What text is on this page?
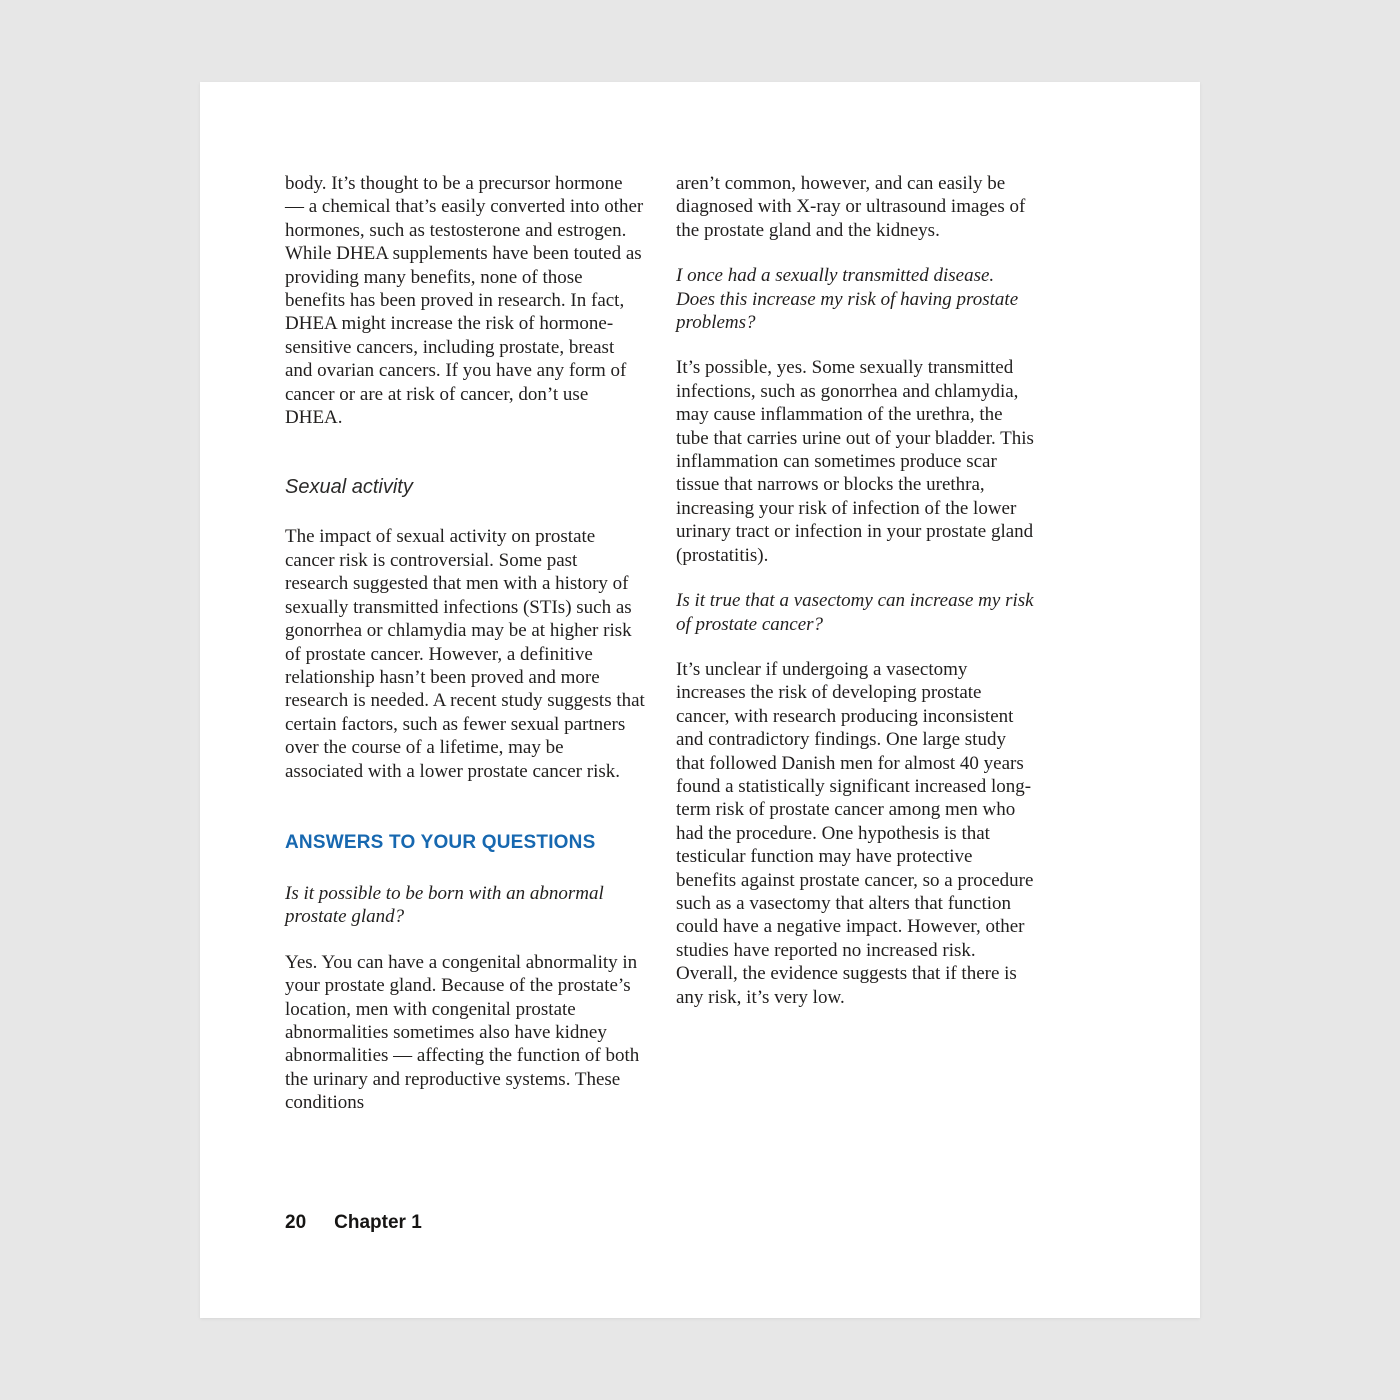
body. It’s thought to be a precursor hormone — a chemical that’s easily converted into other hormones, such as testosterone and estrogen. While DHEA supplements have been touted as providing many benefits, none of those benefits has been proved in research. In fact, DHEA might increase the risk of hormone-sensitive cancers, including prostate, breast and ovarian cancers. If you have any form of cancer or are at risk of cancer, don’t use DHEA.

Sexual activity

The impact of sexual activity on prostate cancer risk is controversial. Some past research suggested that men with a history of sexually transmitted infections (STIs) such as gonorrhea or chlamydia may be at higher risk of prostate cancer. However, a definitive relationship hasn’t been proved and more research is needed. A recent study suggests that certain factors, such as fewer sexual partners over the course of a lifetime, may be associated with a lower prostate cancer risk.

ANSWERS TO YOUR QUESTIONS

Is it possible to be born with an abnormal prostate gland?

Yes. You can have a congenital abnormality in your prostate gland. Because of the prostate’s location, men with congenital prostate abnormalities sometimes also have kidney abnormalities — affecting the function of both the urinary and reproductive systems. These conditions

aren’t common, however, and can easily be diagnosed with X-ray or ultrasound images of the prostate gland and the kidneys.

I once had a sexually transmitted disease. Does this increase my risk of having prostate problems?

It’s possible, yes. Some sexually transmitted infections, such as gonorrhea and chlamydia, may cause inflammation of the urethra, the tube that carries urine out of your bladder. This inflammation can sometimes produce scar tissue that narrows or blocks the urethra, increasing your risk of infection of the lower urinary tract or infection in your prostate gland (prostatitis).

Is it true that a vasectomy can increase my risk of prostate cancer?

It’s unclear if undergoing a vasectomy increases the risk of developing prostate cancer, with research producing inconsistent and contradictory findings. One large study that followed Danish men for almost 40 years found a statistically significant increased long-term risk of prostate cancer among men who had the procedure. One hypothesis is that testicular function may have protective benefits against prostate cancer, so a procedure such as a vasectomy that alters that function could have a negative impact. However, other studies have reported no increased risk. Overall, the evidence suggests that if there is any risk, it’s very low.

20 Chapter 1
